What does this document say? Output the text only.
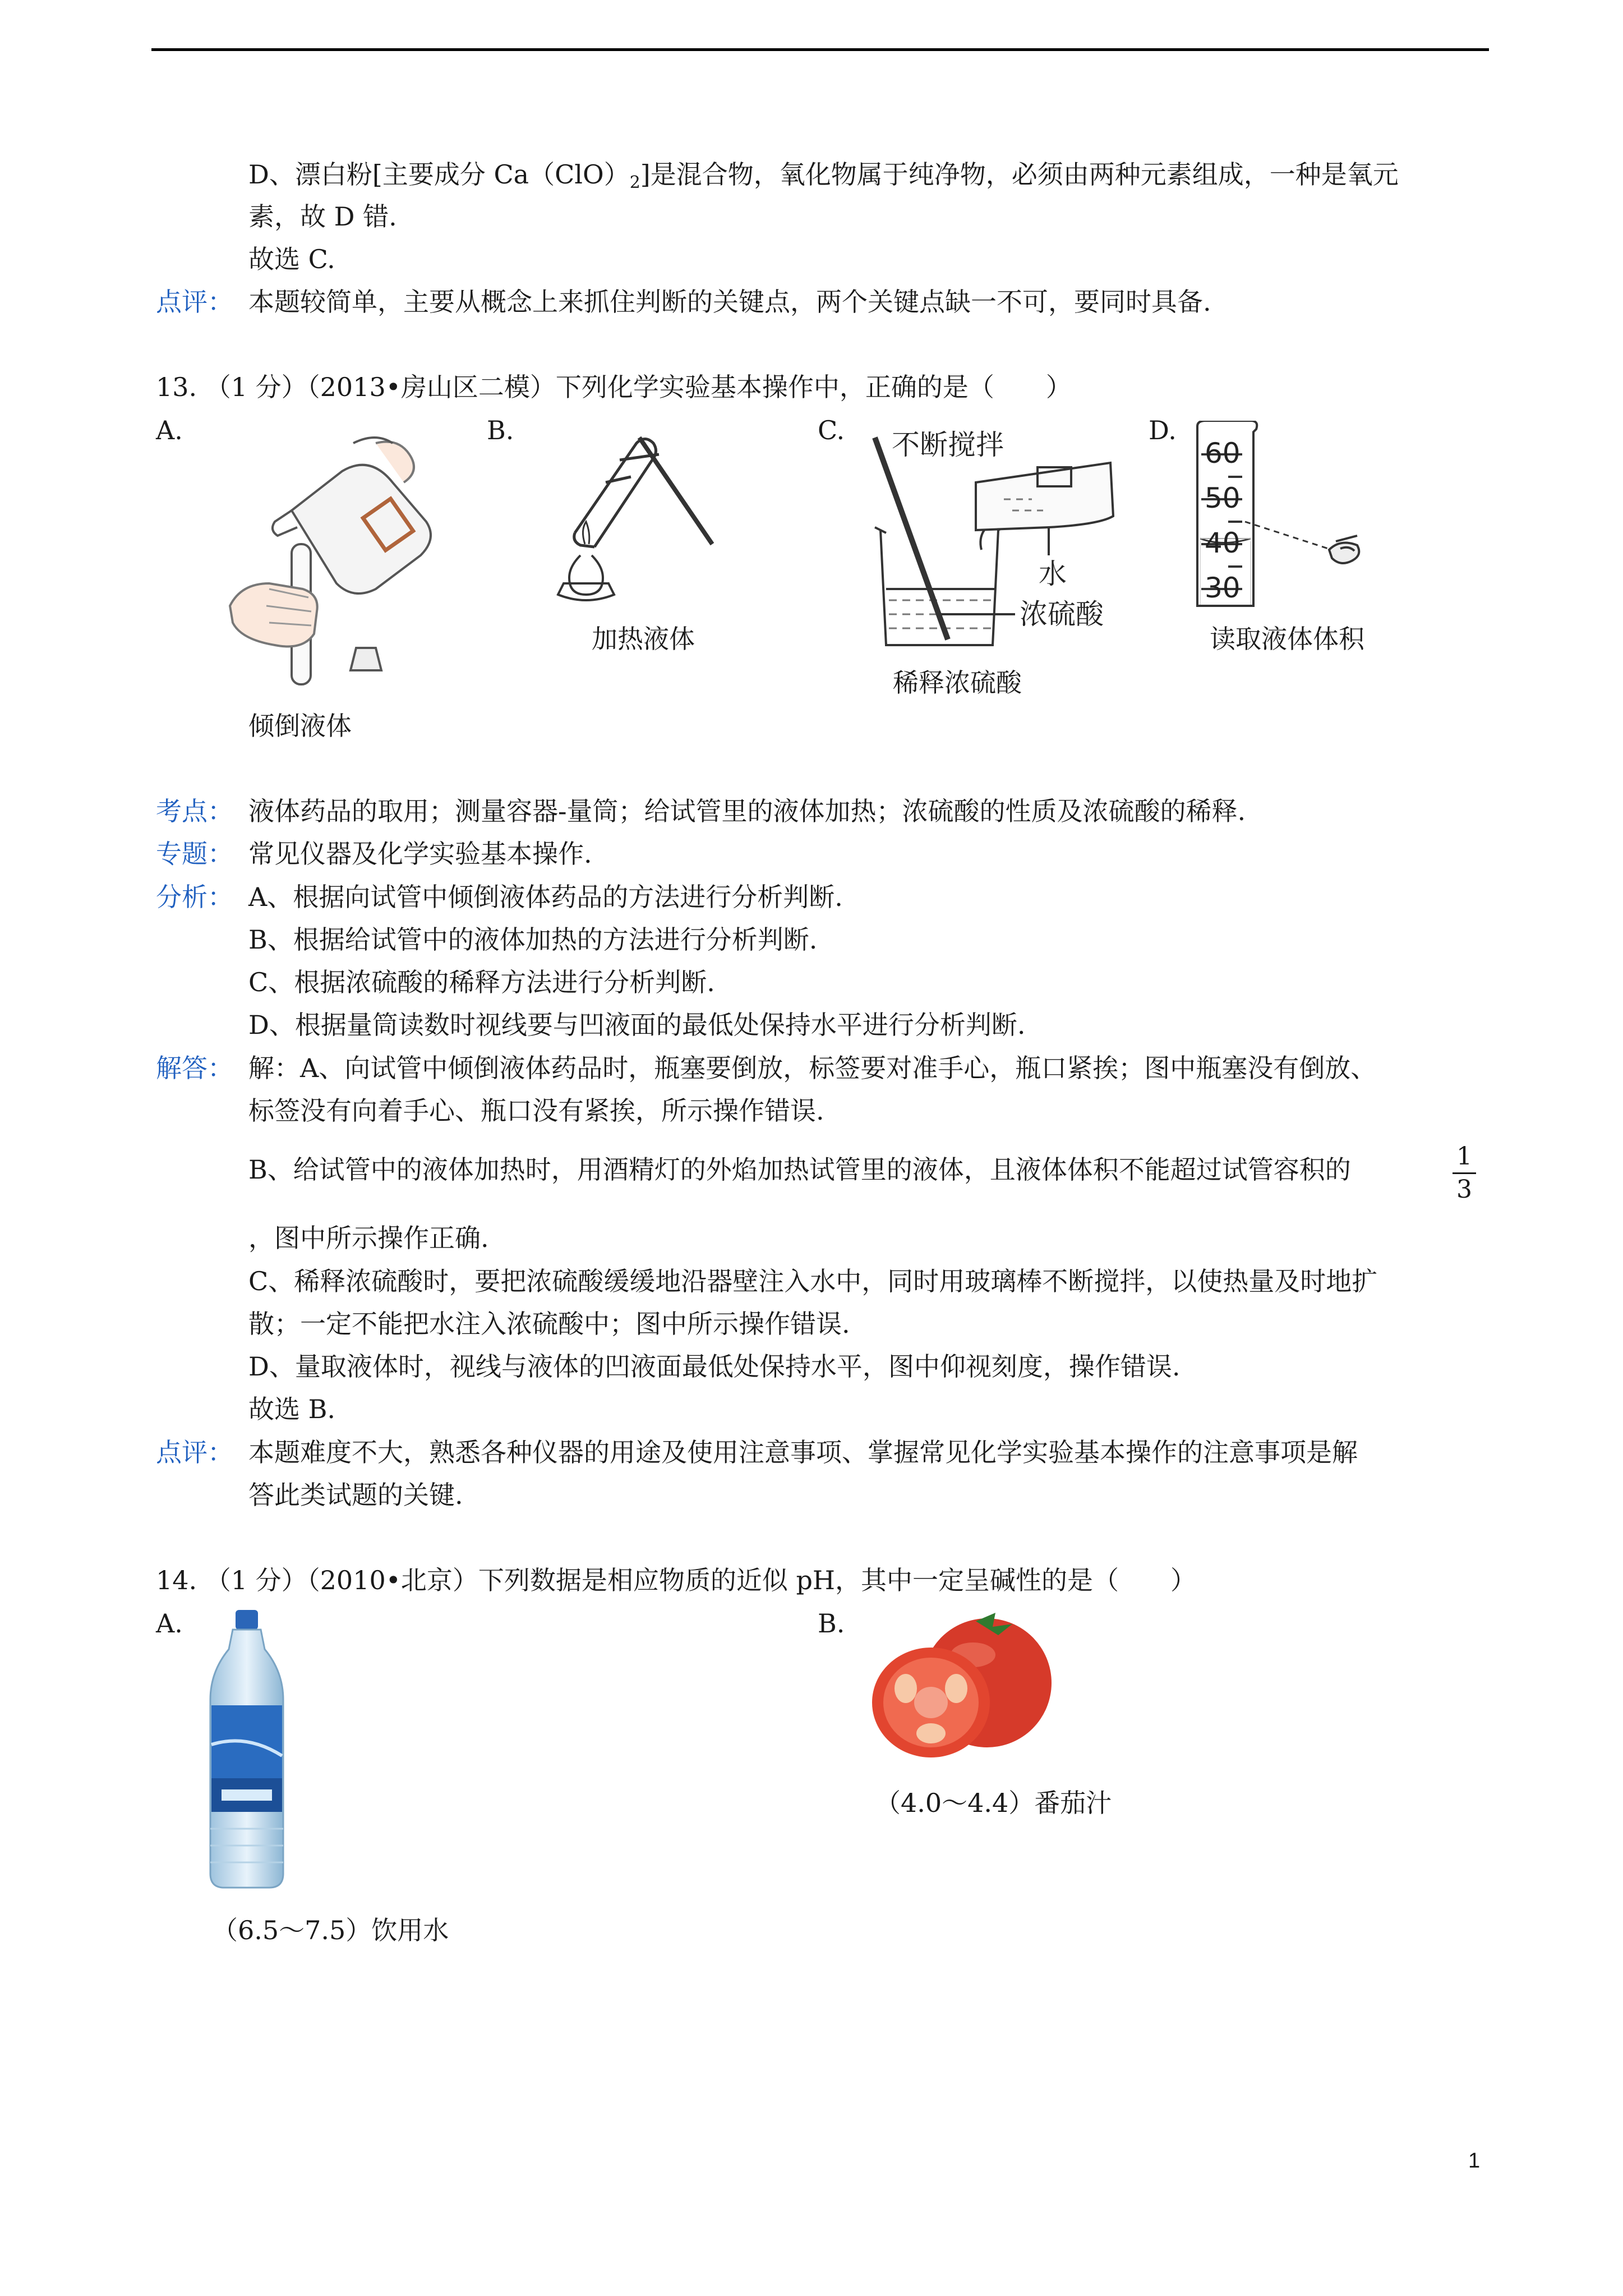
D、漂白粉[主要成分 $Ca(ClO)_2$]是混合物，氧化物属于纯净物，必须由两种元素组成，一种是氧元
素，故 D 错.
故选 C.
点评： 本题较简单，主要从概念上来抓住判断的关键点，两个关键点缺一不可，要同时具备.
13. （1 分）（2013•房山区二模）下列化学实验基本操作中，正确的是（　　）
A.	B.	C.	D.
倾倒液体
加热液体
不断搅拌
水
浓硫酸
稀释浓硫酸
60
50
40
30
读取液体体积
考点： 液体药品的取用；测量容器-量筒；给试管里的液体加热；浓硫酸的性质及浓硫酸的稀释.
专题： 常见仪器及化学实验基本操作.
分析： A、根据向试管中倾倒液体药品的方法进行分析判断.
B、根据给试管中的液体加热的方法进行分析判断.
C、根据浓硫酸的稀释方法进行分析判断.
D、根据量筒读数时视线要与凹液面的最低处保持水平进行分析判断.
解答： 解：A、向试管中倾倒液体药品时，瓶塞要倒放，标签要对准手心，瓶口紧挨；图中瓶塞没有倒放、
标签没有向着手心、瓶口没有紧挨，所示操作错误.
B、给试管中的液体加热时，用酒精灯的外焰加热试管里的液体，且液体体积不能超过试管容积的	1
3
，图中所示操作正确.
C、稀释浓硫酸时，要把浓硫酸缓缓地沿器壁注入水中，同时用玻璃棒不断搅拌，以使热量及时地扩
散；一定不能把水注入浓硫酸中；图中所示操作错误.
D、量取液体时，视线与液体的凹液面最低处保持水平，图中仰视刻度，操作错误.
故选 B.
点评： 本题难度不大，熟悉各种仪器的用途及使用注意事项、掌握常见化学实验基本操作的注意事项是解
答此类试题的关键.
14. （1 分）（2010•北京）下列数据是相应物质的近似 pH，其中一定呈碱性的是（　　）
A.	B.
（6.5～7.5）饮用水
（4.0～4.4）番茄汁
1
